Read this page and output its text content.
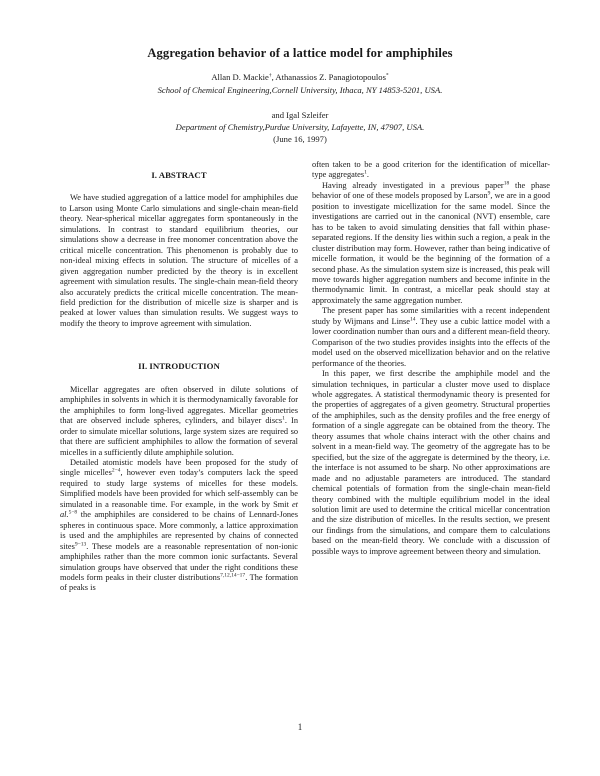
Aggregation behavior of a lattice model for amphiphiles
Allan D. Mackie†, Athanassios Z. Panagiotopoulos*
School of Chemical Engineering,Cornell University, Ithaca, NY 14853-5201, USA.
and Igal Szleifer
Department of Chemistry,Purdue University, Lafayette, IN, 47907, USA.
(June 16, 1997)
I. ABSTRACT

We have studied aggregation of a lattice model for amphiphiles due to Larson using Monte Carlo simulations and single-chain mean-field theory. Near-spherical micellar aggregates form spontaneously in the simulations. In contrast to standard equilibrium theories, our simulations show a decrease in free monomer concentration above the critical micelle concentration. This phenomenon is probably due to non-ideal mixing effects in solution. The structure of micelles of a given aggregation number predicted by the theory is in excellent agreement with simulation results. The single-chain mean-field theory also accurately predicts the critical micelle concentration. The mean-field prediction for the distribution of micelle size is sharper and is peaked at lower values than simulation results. We suggest ways to modify the theory to improve agreement with simulation.

II. INTRODUCTION

Micellar aggregates are often observed in dilute solutions of amphiphiles in solvents in which it is thermodynamically favorable for the amphiphiles to form long-lived aggregates. Micellar geometries that are observed include spheres, cylinders, and bilayer discs$^1$. In order to simulate micellar solutions, large system sizes are required so that there are sufficient amphiphiles to allow the formation of several micelles in a sufficiently dilute amphiphile solution.

Detailed atomistic models have been proposed for the study of single micelles$^{2-4}$, however even today’s computers lack the speed required to study large systems of micelles for these models. Simplified models have been provided for which self-assembly can be simulated in a reasonable time. For example, in the work by Smit et al.$^{5-8}$ the amphiphiles are considered to be chains of Lennard-Jones spheres in continuous space. More commonly, a lattice approximation is used and the amphiphiles are represented by chains of connected sites$^{9-13}$. These models are a reasonable representation of non-ionic amphiphiles rather than the more common ionic surfactants. Several simulation groups have observed that under the right conditions these models form peaks in their cluster distributions$^{7,12,14-17}$. The formation of peaks is

often taken to be a good criterion for the identification of micellar- type aggregates$^1$.

Having already investigated in a previous paper$^{18}$ the phase behavior of one of these models proposed by Larson$^9$, we are in a good position to investigate micellization for the same model. Since the investigations are carried out in the canonical (NVT) ensemble, care has to be taken to avoid simulating densities that fall within phase-separated regions. If the density lies within such a region, a peak in the cluster distribution may form. However, rather than being indicative of micelle formation, it would be the beginning of the formation of a second phase. As the simulation system size is increased, this peak will move towards higher aggregation numbers and become infinite in the thermodynamic limit. In contrast, a micellar peak should stay at approximately the same aggregation number.

The present paper has some similarities with a recent independent study by Wijmans and Linse$^{14}$. They use a cubic lattice model with a lower coordination number than ours and a different mean-field theory. Comparison of the two studies provides insights into the effects of the model used on the observed micellization behavior and on the relative performance of the theories.

In this paper, we first describe the amphiphile model and the simulation techniques, in particular a cluster move used to displace whole aggregates. A statistical thermodynamic theory is presented for the properties of aggregates of a given geometry. Structural properties of the amphiphiles, such as the density profiles and the free energy of formation of a single aggregate can be obtained from the theory. The theory assumes that whole chains interact with the other chains and solvent in a mean-field way. The geometry of the aggregate has to be specified, but the size of the aggregate is determined by the theory, i.e. the interface is not assumed to be sharp. No other approximations are made and no adjustable parameters are introduced. The standard chemical potentials of formation from the single-chain mean-field theory combined with the multiple equilibrium model in the ideal solution limit are used to determine the critical micellar concentration and the size distribution of micelles. In the results section, we present our findings from the simulations, and compare them to calculations based on the mean-field theory. We conclude with a discussion of possible ways to improve agreement between theory and simulation.

1
